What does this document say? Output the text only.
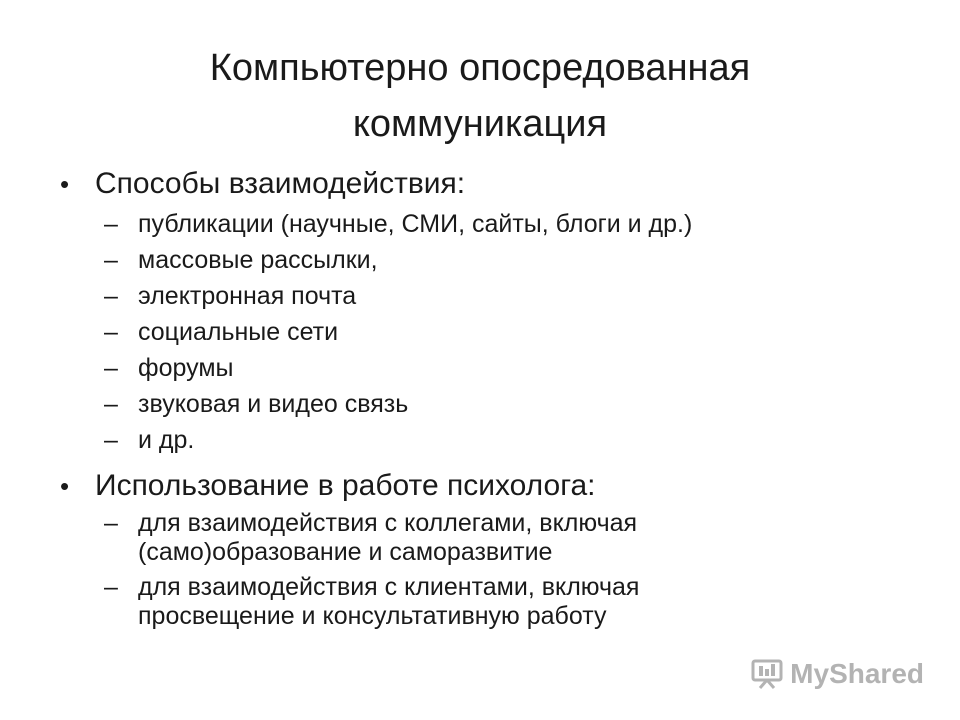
Компьютерно опосредованная
коммуникация
• Способы взаимодействия:
– публикации (научные, СМИ, сайты, блоги и др.)
– массовые рассылки,
– электронная почта
– социальные сети
– форумы
– звуковая и видео связь
– и др.
• Использование в работе психолога:
– для взаимодействия с коллегами, включая
(само)образование и саморазвитие
– для взаимодействия с клиентами, включая
просвещение и консультативную работу
MyShared
